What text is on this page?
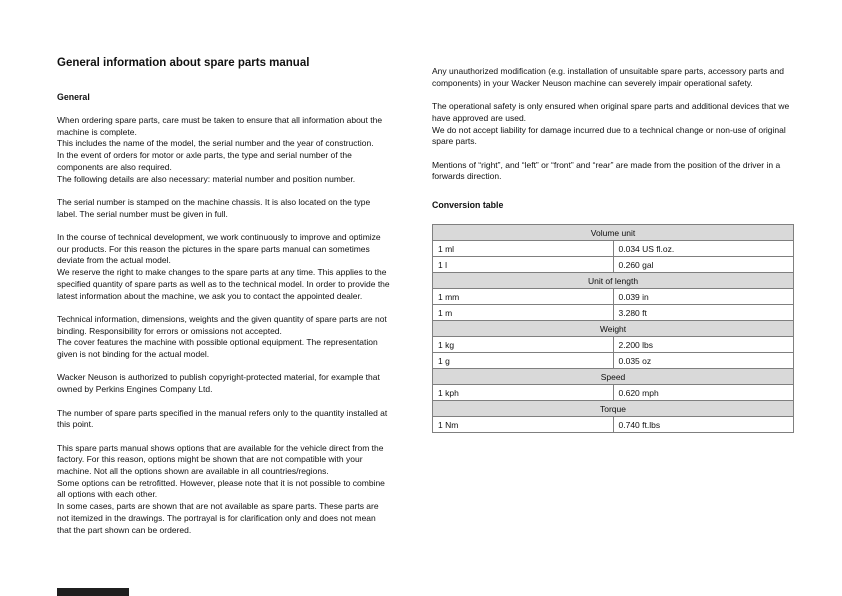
General information about spare parts manual
General
When ordering spare parts, care must be taken to ensure that all information about the machine is complete.
This includes the name of the model, the serial number and the year of construction.
In the event of orders for motor or axle parts, the type and serial number of the components are also required.
The following details are also necessary: material number and position number.
The serial number is stamped on the machine chassis. It is also located on the type label. The serial number must be given in full.
In the course of technical development, we work continuously to improve and optimize our products. For this reason the pictures in the spare parts manual can sometimes deviate from the actual model.
We reserve the right to make changes to the spare parts at any time. This applies to the specified quantity of spare parts as well as to the technical model. In order to provide the latest information about the machine, we ask you to contact the appointed dealer.
Technical information, dimensions, weights and the given quantity of spare parts are not binding. Responsibility for errors or omissions not accepted.
The cover features the machine with possible optional equipment. The representation given is not binding for the actual model.
Wacker Neuson is authorized to publish copyright-protected material, for example that owned by Perkins Engines Company Ltd.
The number of spare parts specified in the manual refers only to the quantity installed at this point.
This spare parts manual shows options that are available for the vehicle direct from the factory. For this reason, options might be shown that are not compatible with your machine. Not all the options shown are available in all countries/regions.
Some options can be retrofitted. However, please note that it is not possible to combine all options with each other.
In some cases, parts are shown that are not available as spare parts. These parts are not itemized in the drawings. The portrayal is for clarification only and does not mean that the part shown can be ordered.
Any unauthorized modification (e.g. installation of unsuitable spare parts, accessory parts and components) in your Wacker Neuson machine can severely impair operational safety.
The operational safety is only ensured when original spare parts and additional devices that we have approved are used.
We do not accept liability for damage incurred due to a technical change or non-use of original spare parts.
Mentions of “right”, and “left” or “front” and “rear” are made from the position of the driver in a forwards direction.
Conversion table
Volume unit	
1 ml	0.034 US fl.oz.
1 l	0.260 gal
Unit of length	
1 mm	0.039 in
1 m	3.280 ft
Weight	
1 kg	2.200 lbs
1 g	0.035 oz
Speed	
1 kph	0.620 mph
Torque	
1 Nm	0.740 ft.lbs
